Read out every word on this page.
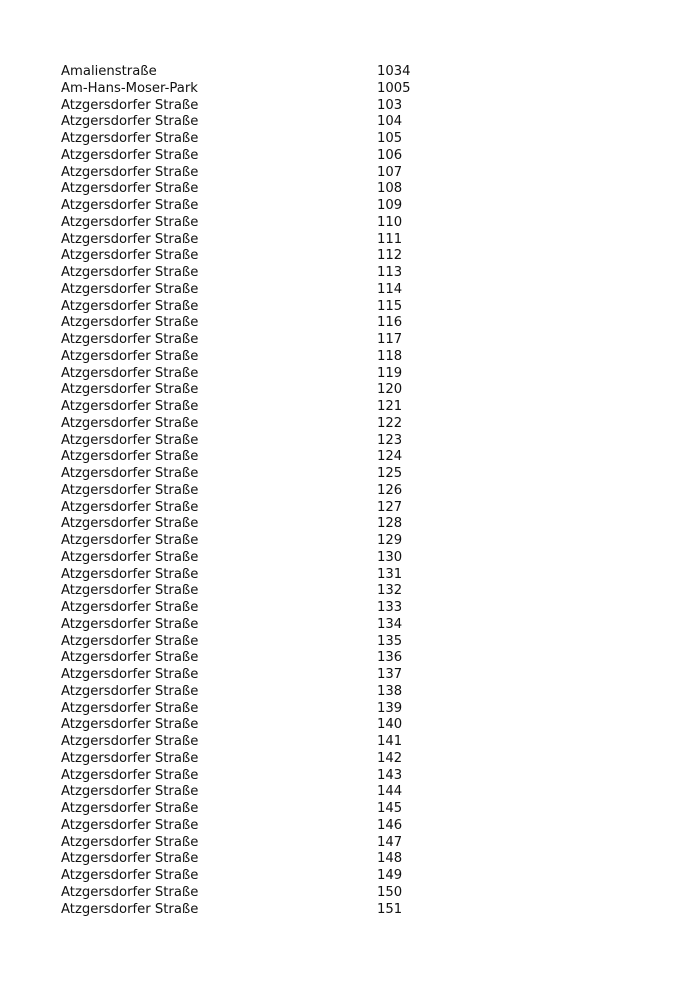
Amalienstraße	1034
Am-Hans-Moser-Park	1005
Atzgersdorfer Straße	103
Atzgersdorfer Straße	104
Atzgersdorfer Straße	105
Atzgersdorfer Straße	106
Atzgersdorfer Straße	107
Atzgersdorfer Straße	108
Atzgersdorfer Straße	109
Atzgersdorfer Straße	110
Atzgersdorfer Straße	111
Atzgersdorfer Straße	112
Atzgersdorfer Straße	113
Atzgersdorfer Straße	114
Atzgersdorfer Straße	115
Atzgersdorfer Straße	116
Atzgersdorfer Straße	117
Atzgersdorfer Straße	118
Atzgersdorfer Straße	119
Atzgersdorfer Straße	120
Atzgersdorfer Straße	121
Atzgersdorfer Straße	122
Atzgersdorfer Straße	123
Atzgersdorfer Straße	124
Atzgersdorfer Straße	125
Atzgersdorfer Straße	126
Atzgersdorfer Straße	127
Atzgersdorfer Straße	128
Atzgersdorfer Straße	129
Atzgersdorfer Straße	130
Atzgersdorfer Straße	131
Atzgersdorfer Straße	132
Atzgersdorfer Straße	133
Atzgersdorfer Straße	134
Atzgersdorfer Straße	135
Atzgersdorfer Straße	136
Atzgersdorfer Straße	137
Atzgersdorfer Straße	138
Atzgersdorfer Straße	139
Atzgersdorfer Straße	140
Atzgersdorfer Straße	141
Atzgersdorfer Straße	142
Atzgersdorfer Straße	143
Atzgersdorfer Straße	144
Atzgersdorfer Straße	145
Atzgersdorfer Straße	146
Atzgersdorfer Straße	147
Atzgersdorfer Straße	148
Atzgersdorfer Straße	149
Atzgersdorfer Straße	150
Atzgersdorfer Straße	151
